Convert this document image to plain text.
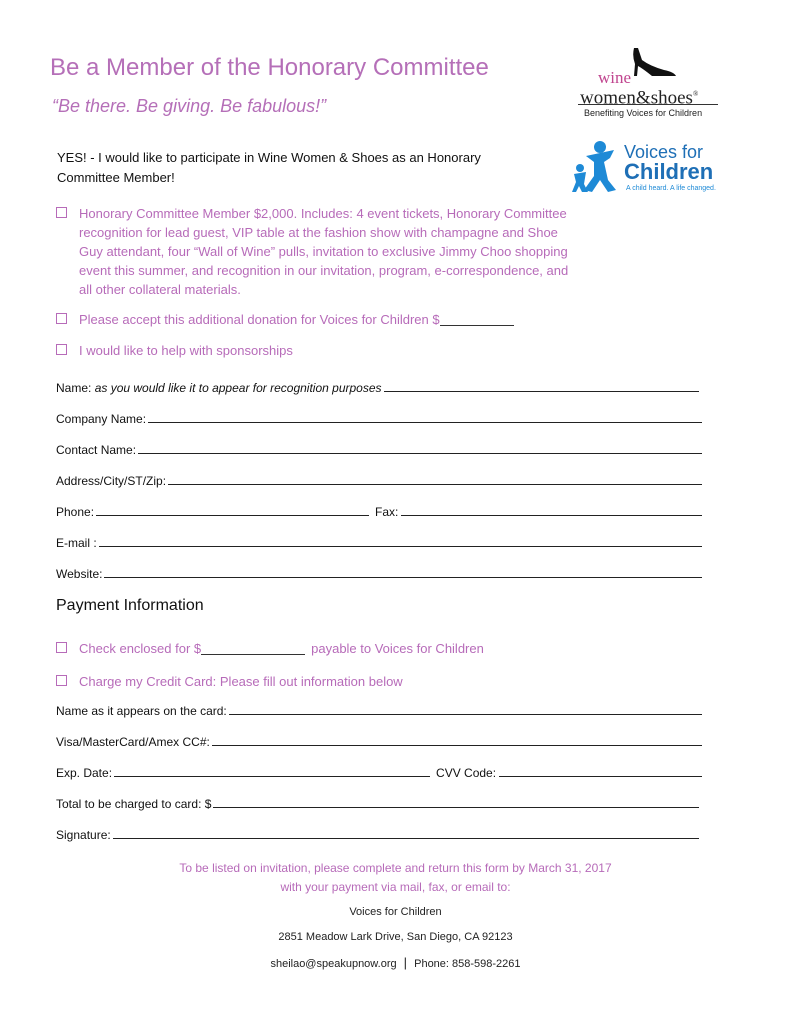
Be a Member of the Honorary Committee
“Be there. Be giving. Be fabulous!”
wine
women&shoes®
Benefiting Voices for Children
Voices for
Children
A child heard. A life changed.
YES! - I would like to participate in Wine Women & Shoes as an Honorary Committee Member!
Honorary Committee Member $2,000. Includes: 4 event tickets, Honorary Committee recognition for lead guest, VIP table at the fashion show with champagne and Shoe Guy attendant, four “Wall of Wine” pulls, invitation to exclusive Jimmy Choo shopping event this summer, and recognition in our invitation, program, e-correspondence, and all other collateral materials.
Please accept this additional donation for Voices for Children $
I would like to help with sponsorships
Name: as you would like it to appear for recognition purposes
Company Name:
Contact Name:
Address/City/ST/Zip:
Phone:	Fax:
E-mail :
Website:
Payment Information
Check enclosed for $	payable to Voices for Children
Charge my Credit Card: Please fill out information below
Name as it appears on the card:
Visa/MasterCard/Amex CC#:
Exp. Date:	CVV Code:
Total to be charged to card: $
Signature:
To be listed on invitation, please complete and return this form by March 31, 2017
with your payment via mail, fax, or email to:
Voices for Children
2851 Meadow Lark Drive, San Diego, CA 92123
sheilao@speakupnow.org | Phone: 858-598-2261
